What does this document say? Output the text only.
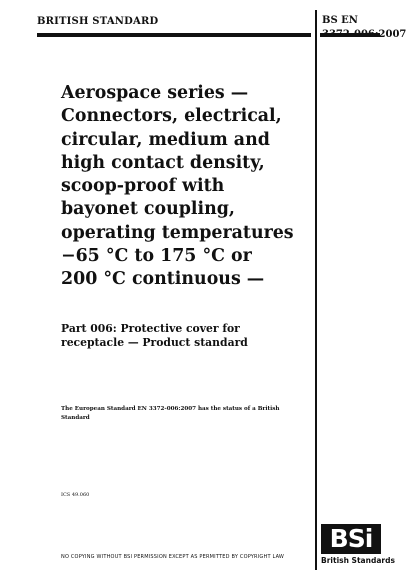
BRITISH STANDARD	BS EN
3372-006:2007
Aerospace series —
Connectors, electrical,
circular, medium and
high contact density,
scoop-proof with
bayonet coupling,
operating temperatures
−65 °C to 175 °C or
200 °C continuous —
Part 006: Protective cover for
receptacle — Product standard
The European Standard EN 3372-006:2007 has the status of a British Standard
ICS 49.060
NO COPYING WITHOUT BSI PERMISSION EXCEPT AS PERMITTED BY COPYRIGHT LAW
BSi
British Standards
